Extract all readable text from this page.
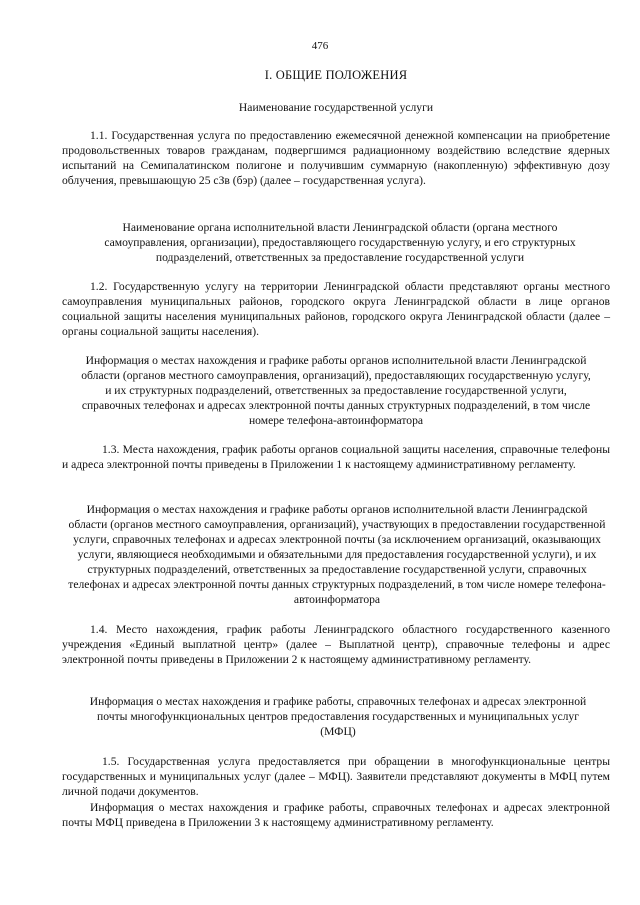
476
I. ОБЩИЕ ПОЛОЖЕНИЯ
Наименование государственной услуги

1.1. Государственная услуга по предоставлению ежемесячной денежной компенсации на приобретение продовольственных товаров гражданам, подвергшимся радиационному воздействию вследствие ядерных испытаний на Семипалатинском полигоне и получившим суммарную (накопленную) эффективную дозу облучения, превышающую 25 сЗв (бэр) (далее – государственная услуга).

Наименование органа исполнительной власти Ленинградской области (органа местного самоуправления, организации), предоставляющего государственную услугу, и его структурных подразделений, ответственных за предоставление государственной услуги

1.2. Государственную услугу на территории Ленинградской области представляют органы местного самоуправления муниципальных районов, городского округа Ленинградской области в лице органов социальной защиты населения муниципальных районов, городского округа Ленинградской области (далее – органы социальной защиты населения).

Информация о местах нахождения и графике работы органов исполнительной власти Ленинградской области (органов местного самоуправления, организаций), предоставляющих государственную услугу, и их структурных подразделений, ответственных за предоставление государственной услуги, справочных телефонах и адресах электронной почты данных структурных подразделений, в том числе номере телефона-автоинформатора

1.3. Места нахождения, график работы органов социальной защиты населения, справочные телефоны и адреса электронной почты приведены в Приложении 1 к настоящему административному регламенту.

Информация о местах нахождения и графике работы органов исполнительной власти Ленинградской области (органов местного самоуправления, организаций), участвующих в предоставлении государственной услуги, справочных телефонах и адресах электронной почты (за исключением организаций, оказывающих услуги, являющиеся необходимыми и обязательными для предоставления государственной услуги), и их структурных подразделений, ответственных за предоставление государственной услуги, справочных телефонах и адресах электронной почты данных структурных подразделений, в том числе номере телефона-автоинформатора

1.4. Место нахождения, график работы Ленинградского областного государственного казенного учреждения «Единый выплатной центр» (далее – Выплатной центр), справочные телефоны и адрес электронной почты приведены в Приложении 2 к настоящему административному регламенту.

Информация о местах нахождения и графике работы, справочных телефонах и адресах электронной почты многофункциональных центров предоставления государственных и муниципальных услуг (МФЦ)

1.5. Государственная услуга предоставляется при обращении в многофункциональные центры государственных и муниципальных услуг (далее – МФЦ). Заявители представляют документы в МФЦ путем личной подачи документов.

Информация о местах нахождения и графике работы, справочных телефонах и адресах электронной почты МФЦ приведена в Приложении 3 к настоящему административному регламенту.
